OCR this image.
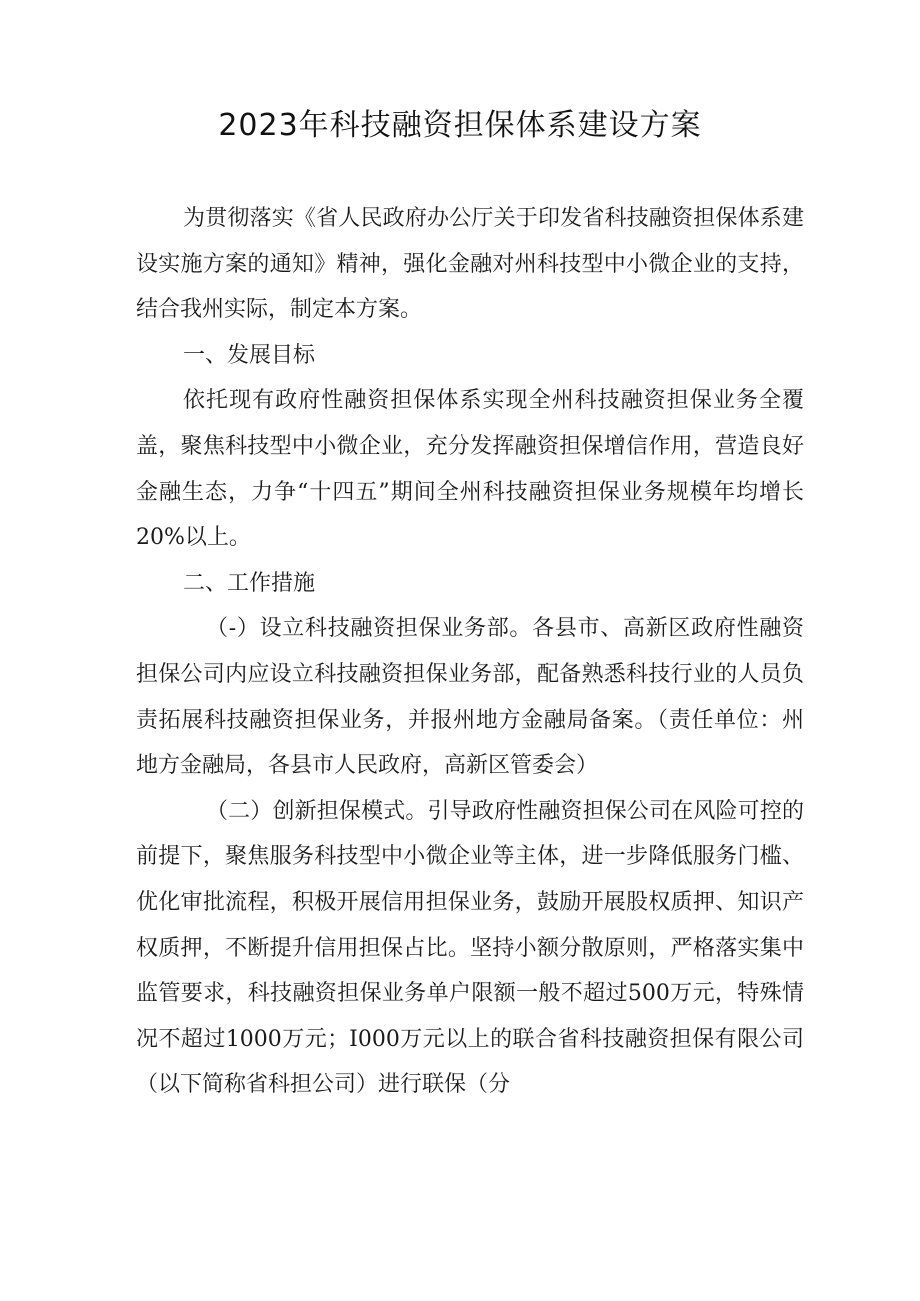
2023年科技融资担保体系建设方案

为贯彻落实《省人民政府办公厅关于印发省科技融资担保体系建设实施方案的通知》精神，强化金融对州科技型中小微企业的支持，结合我州实际，制定本方案。

一、发展目标

依托现有政府性融资担保体系实现全州科技融资担保业务全覆盖，聚焦科技型中小微企业，充分发挥融资担保增信作用，营造良好金融生态，力争“十四五”期间全州科技融资担保业务规模年均增长20%以上。

二、工作措施

（-）设立科技融资担保业务部。各县市、高新区政府性融资担保公司内应设立科技融资担保业务部，配备熟悉科技行业的人员负责拓展科技融资担保业务，并报州地方金融局备案。（责任单位：州地方金融局，各县市人民政府，高新区管委会）

（二）创新担保模式。引导政府性融资担保公司在风险可控的前提下，聚焦服务科技型中小微企业等主体，进一步降低服务门槛、优化审批流程，积极开展信用担保业务，鼓励开展股权质押、知识产权质押，不断提升信用担保占比。坚持小额分散原则，严格落实集中监管要求，科技融资担保业务单户限额一般不超过500万元，特殊情况不超过1000万元；I000万元以上的联合省科技融资担保有限公司（以下简称省科担公司）进行联保（分
